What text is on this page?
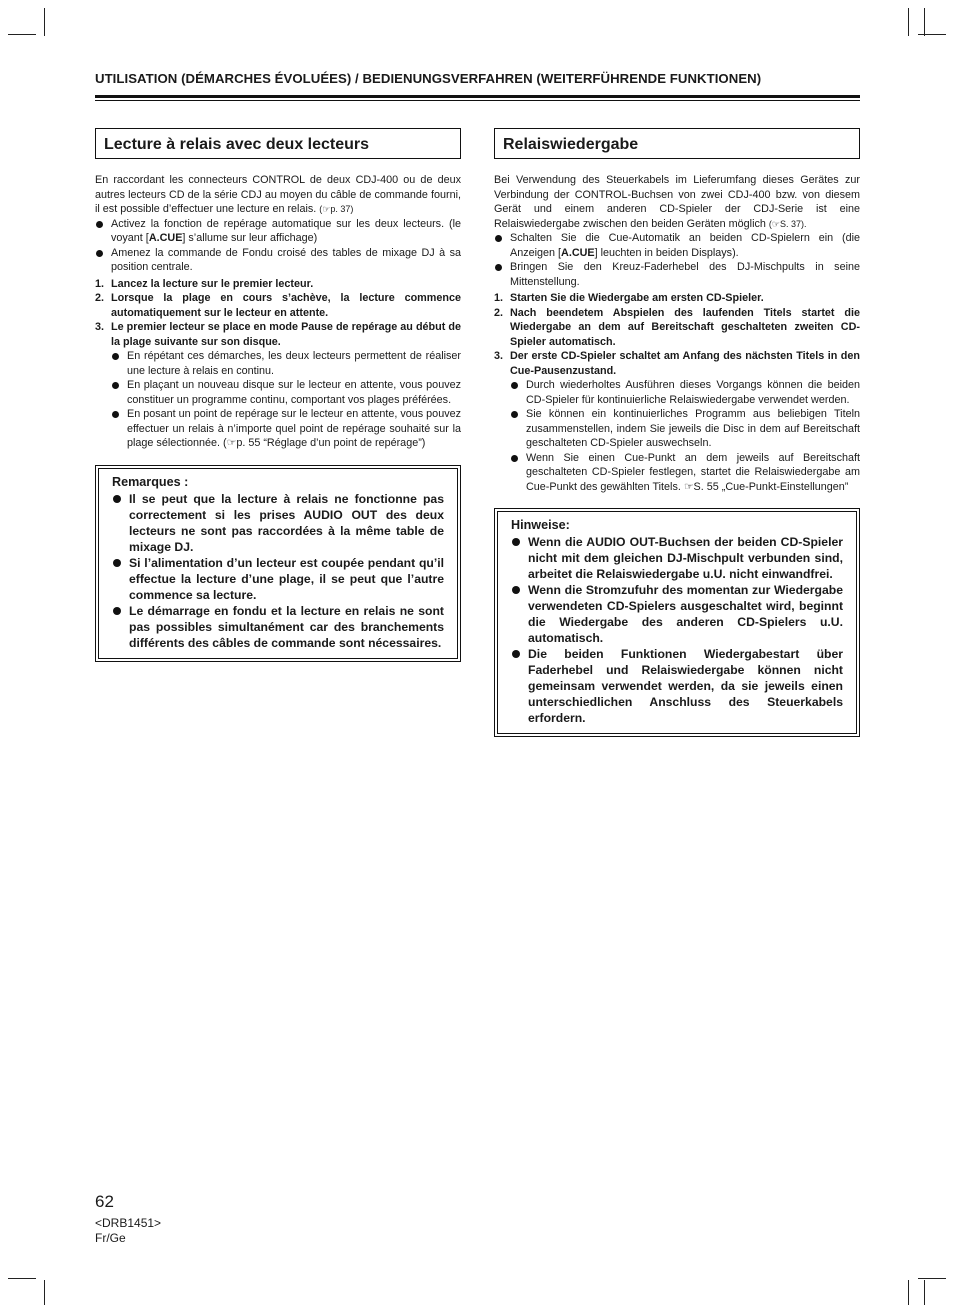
UTILISATION (DÉMARCHES ÉVOLUÉES) / BEDIENUNGSVERFAHREN (WEITERFÜHRENDE FUNKTIONEN)
Lecture à relais avec deux lecteurs

En raccordant les connecteurs CONTROL de deux CDJ-400 ou de deux autres lecteurs CD de la série CDJ au moyen du câble de commande fourni, il est possible d’effectuer une lecture en relais. (☞p. 37)

Activez la fonction de repérage automatique sur les deux lecteurs. (le voyant [A.CUE] s’allume sur leur affichage)
Amenez la commande de Fondu croisé des tables de mixage DJ à sa position centrale.
1. Lancez la lecture sur le premier lecteur.
2. Lorsque la plage en cours s’achève, la lecture commence automatiquement sur le lecteur en attente.
3. Le premier lecteur se place en mode Pause de repérage au début de la plage suivante sur son disque.
En répétant ces démarches, les deux lecteurs permettent de réaliser une lecture à relais en continu.
En plaçant un nouveau disque sur le lecteur en attente, vous pouvez constituer un programme continu, comportant vos plages préférées.
En posant un point de repérage sur le lecteur en attente, vous pouvez effectuer un relais à n’importe quel point de repérage souhaité sur la plage sélectionnée. (☞p. 55 “Réglage d’un point de repérage”)
Remarques :
Il se peut que la lecture à relais ne fonctionne pas correctement si les prises AUDIO OUT des deux lecteurs ne sont pas raccordées à la même table de mixage DJ.
Si l’alimentation d’un lecteur est coupée pendant qu’il effectue la lecture d’une plage, il se peut que l’autre commence sa lecture.
Le démarrage en fondu et la lecture en relais ne sont pas possibles simultanément car des branchements différents des câbles de commande sont nécessaires.
Relaiswiedergabe

Bei Verwendung des Steuerkabels im Lieferumfang dieses Gerätes zur Verbindung der CONTROL-Buchsen von zwei CDJ-400 bzw. von diesem Gerät und einem anderen CD-Spieler der CDJ-Serie ist eine Relaiswiedergabe zwischen den beiden Geräten möglich (☞S. 37).

Schalten Sie die Cue-Automatik an beiden CD-Spielern ein (die Anzeigen [A.CUE] leuchten in beiden Displays).
Bringen Sie den Kreuz-Faderhebel des DJ-Mischpults in seine Mittenstellung.
1. Starten Sie die Wiedergabe am ersten CD-Spieler.
2. Nach beendetem Abspielen des laufenden Titels startet die Wiedergabe an dem auf Bereitschaft geschalteten zweiten CD-Spieler automatisch.
3. Der erste CD-Spieler schaltet am Anfang des nächsten Titels in den Cue-Pausenzustand.
Durch wiederholtes Ausführen dieses Vorgangs können die beiden CD-Spieler für kontinuierliche Relaiswiedergabe verwendet werden.
Sie können ein kontinuierliches Programm aus beliebigen Titeln zusammenstellen, indem Sie jeweils die Disc in dem auf Bereitschaft geschalteten CD-Spieler auswechseln.
Wenn Sie einen Cue-Punkt an dem jeweils auf Bereitschaft geschalteten CD-Spieler festlegen, startet die Relaiswiedergabe am Cue-Punkt des gewählten Titels. ☞S. 55 „Cue-Punkt-Einstellungen”
Hinweise:
Wenn die AUDIO OUT-Buchsen der beiden CD-Spieler nicht mit dem gleichen DJ-Mischpult verbunden sind, arbeitet die Relaiswiedergabe u.U. nicht einwandfrei.
Wenn die Stromzufuhr des momentan zur Wiedergabe verwendeten CD-Spielers ausgeschaltet wird, beginnt die Wiedergabe des anderen CD-Spielers u.U. automatisch.
Die beiden Funktionen Wiedergabestart über Faderhebel und Relaiswiedergabe können nicht gemeinsam verwendet werden, da sie jeweils einen unterschiedlichen Anschluss des Steuerkabels erfordern.
62
<DRB1451>
Fr/Ge
